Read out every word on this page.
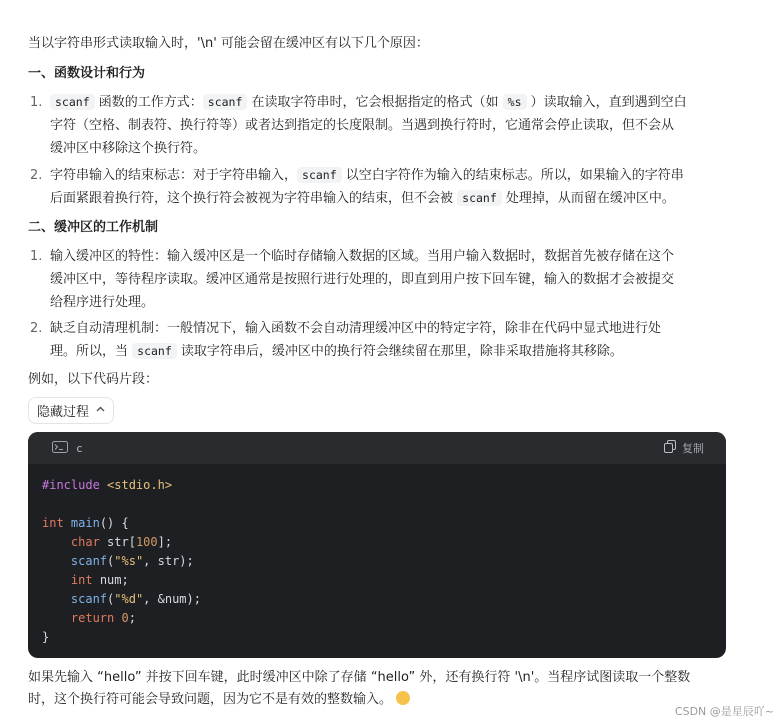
当以字符串形式读取输入时，'\n' 可能会留在缓冲区有以下几个原因：
一、函数设计和行为
1.	scanf 函数的工作方式： scanf 在读取字符串时，它会根据指定的格式（如 %s ）读取输入，直到遇到空白
字符（空格、制表符、换行符等）或者达到指定的长度限制。当遇到换行符时，它通常会停止读取，但不会从
缓冲区中移除这个换行符。
2. 字符串输入的结束标志：对于字符串输入， scanf 以空白字符作为输入的结束标志。所以，如果输入的字符串
后面紧跟着换行符，这个换行符会被视为字符串输入的结束，但不会被 scanf 处理掉，从而留在缓冲区中。
二、缓冲区的工作机制
1. 输入缓冲区的特性：输入缓冲区是一个临时存储输入数据的区域。当用户输入数据时，数据首先被存储在这个
缓冲区中，等待程序读取。缓冲区通常是按照行进行处理的，即直到用户按下回车键，输入的数据才会被提交
给程序进行处理。
2. 缺乏自动清理机制：一般情况下，输入函数不会自动清理缓冲区中的特定字符，除非在代码中显式地进行处
理。所以，当 scanf 读取字符串后，缓冲区中的换行符会继续留在那里，除非采取措施将其移除。
例如，以下代码片段：
隐藏过程
c	复制
#include <stdio.h>

int main() {
char str[100];
scanf("%s", str);
int num;
scanf("%d", &num);
return 0;
}
如果先输入 “hello” 并按下回车键，此时缓冲区中除了存储 “hello” 外，还有换行符 '\n'。当程序试图读取一个整数
时，这个换行符可能会导致问题，因为它不是有效的整数输入。
CSDN @是星辰吖~
